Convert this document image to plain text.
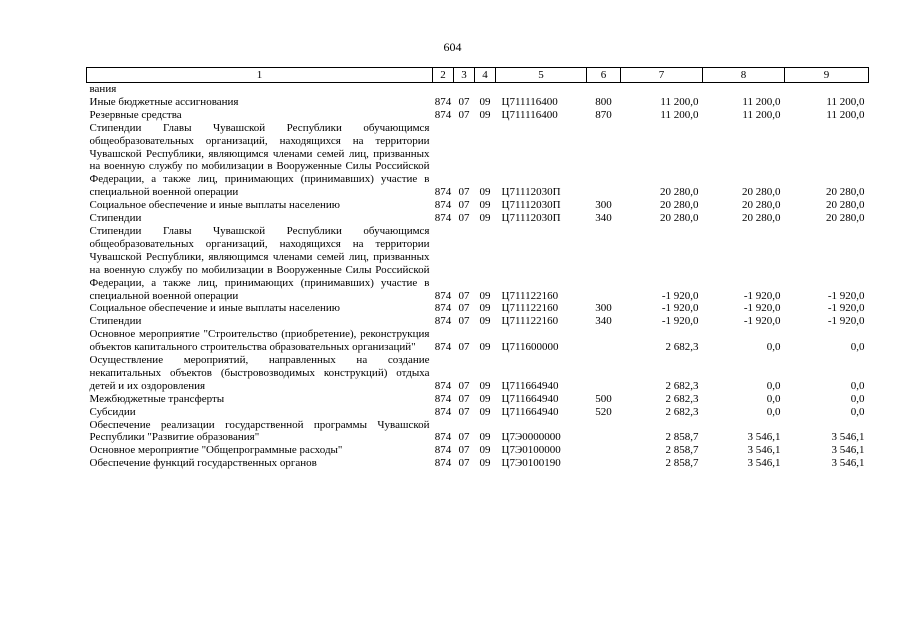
604
1	2	3	4	5	6	7	8	9
вания								
Иные бюджетные ассигнования	874	07	09	Ц711116400	800	11 200,0	11 200,0	11 200,0
Резервные средства	874	07	09	Ц711116400	870	11 200,0	11 200,0	11 200,0
Стипендии Главы Чувашской Республики обучающимся общеобразовательных организаций, находящихся на территории Чувашской Республики, являющимся членами семей лиц, призванных на военную службу по мобилизации в Вооруженные Силы Российской Федерации, а также лиц, принимающих (принимавших) участие в специальной военной операции	874	07	09	Ц71112030П		20 280,0	20 280,0	20 280,0
Социальное обеспечение и иные выплаты населению	874	07	09	Ц71112030П	300	20 280,0	20 280,0	20 280,0
Стипендии	874	07	09	Ц71112030П	340	20 280,0	20 280,0	20 280,0
Стипендии Главы Чувашской Республики обучающимся общеобразовательных организаций, находящихся на территории Чувашской Республики, являющимся членами семей лиц, призванных на военную службу по мобилизации в Вооруженные Силы Российской Федерации, а также лиц, принимающих (принимавших) участие в специальной военной операции	874	07	09	Ц711122160		-1 920,0	-1 920,0	-1 920,0
Социальное обеспечение и иные выплаты населению	874	07	09	Ц711122160	300	-1 920,0	-1 920,0	-1 920,0
Стипендии	874	07	09	Ц711122160	340	-1 920,0	-1 920,0	-1 920,0
Основное мероприятие "Строительство (приобретение), реконструкция объектов капитального строительства образовательных организаций"	874	07	09	Ц711600000		2 682,3	0,0	0,0
Осуществление мероприятий, направленных на создание некапитальных объектов (быстровозводимых конструкций) отдыха детей и их оздоровления	874	07	09	Ц711664940		2 682,3	0,0	0,0
Межбюджетные трансферты	874	07	09	Ц711664940	500	2 682,3	0,0	0,0
Субсидии	874	07	09	Ц711664940	520	2 682,3	0,0	0,0
Обеспечение реализации государственной программы Чувашской Республики "Развитие образования"	874	07	09	Ц7Э0000000		2 858,7	3 546,1	3 546,1
Основное мероприятие "Общепрограммные расходы"	874	07	09	Ц7Э0100000		2 858,7	3 546,1	3 546,1
Обеспечение функций государственных органов	874	07	09	Ц7Э0100190		2 858,7	3 546,1	3 546,1
